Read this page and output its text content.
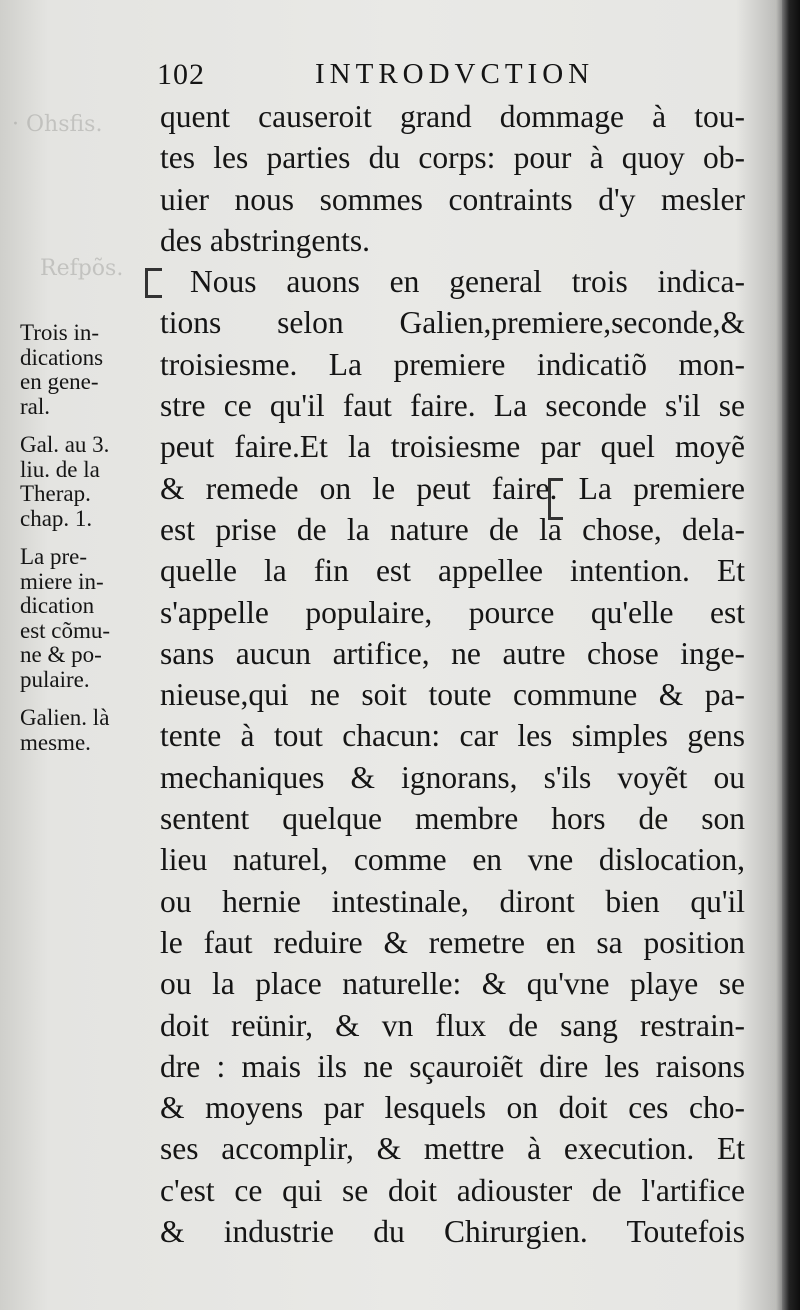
· Ohsfis.
Refpõs.
102	INTRODVCTION
quent causeroit grand dommage à tou-
tes les parties du corps: pour à quoy ob-
uier nous sommes contraints d'y mesler
des abstringents.
Nous auons en general trois indica-
tions selon Galien,premiere,seconde,&
troisiesme. La premiere indicatiõ mon-
stre ce qu'il faut faire. La seconde s'il se
peut faire.Et la troisiesme par quel moyẽ
& remede on le peut faire. La premiere
est prise de la nature de la chose, dela-
quelle la fin est appellee intention. Et
s'appelle populaire, pource qu'elle est
sans aucun artifice, ne autre chose inge-
nieuse,qui ne soit toute commune & pa-
tente à tout chacun: car les simples gens
mechaniques & ignorans, s'ils voyẽt ou
sentent quelque membre hors de son
lieu naturel, comme en vne dislocation,
ou hernie intestinale, diront bien qu'il
le faut reduire & remetre en sa position
ou la place naturelle: & qu'vne playe se
doit reünir, & vn flux de sang restrain-
dre : mais ils ne sçauroiẽt dire les raisons
& moyens par lesquels on doit ces cho-
ses accomplir, & mettre à execution. Et
c'est ce qui se doit adiouster de l'artifice
& industrie du Chirurgien. Toutefois
Trois in-
dications
en gene-
ral.
Gal. au 3.
liu. de la
Therap.
chap. 1.
La pre-
miere in-
dication
est cõmu-
ne & po-
pulaire.
Galien. là
mesme.
